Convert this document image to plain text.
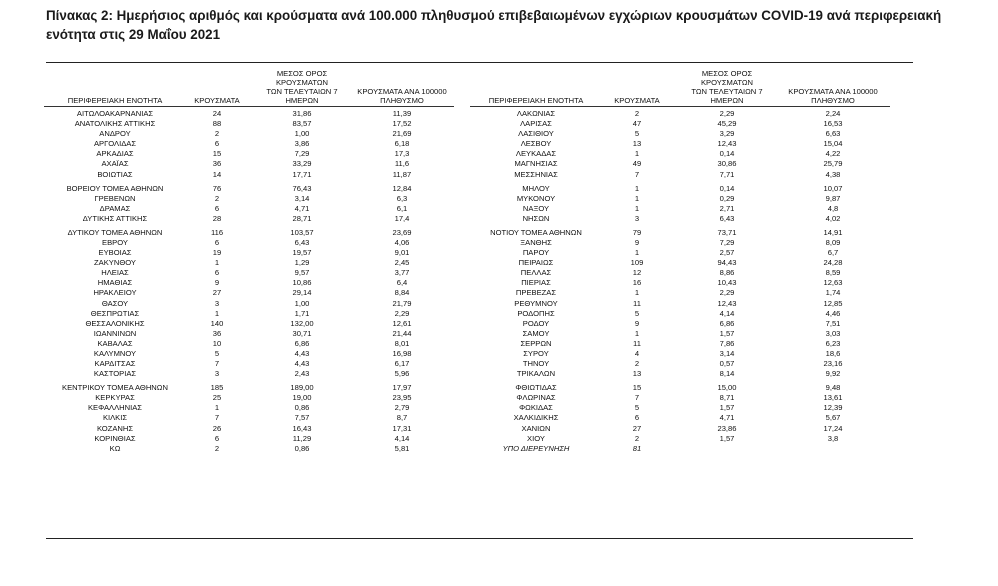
Πίνακας 2: Ημερήσιος αριθμός και κρούσματα ανά 100.000 πληθυσμού επιβεβαιωμένων εγχώριων κρουσμάτων COVID-19 ανά περιφερειακή ενότητα στις 29 Μαΐου 2021
ΠΕΡΙΦΕΡΕΙΑΚΗ ΕΝΟΤΗΤΑ	ΚΡΟΥΣΜΑΤΑ
ΜΕΣΟΣ ΟΡΟΣ ΚΡΟΥΣΜΑΤΩΝ
ΤΩΝ ΤΕΛΕΥΤΑΙΩΝ 7
ΗΜΕΡΩΝ
ΚΡΟΥΣΜΑΤΑ ΑΝΑ 100000
ΠΛΗΘΥΣΜΟ
ΑΙΤΩΛΟΑΚΑΡΝΑΝΙΑΣ	24	31,86	11,39
ΑΝΑΤΟΛΙΚΗΣ ΑΤΤΙΚΗΣ	88	83,57	17,52
ΑΝΔΡΟΥ	2	1,00	21,69
ΑΡΓΟΛΙΔΑΣ	6	3,86	6,18
ΑΡΚΑΔΙΑΣ	15	7,29	17,3
ΑΧΑΪΑΣ	36	33,29	11,6
ΒΟΙΩΤΙΑΣ	14	17,71	11,87
ΒΟΡΕΙΟΥ ΤΟΜΕΑ ΑΘΗΝΩΝ	76	76,43	12,84
ΓΡΕΒΕΝΩΝ	2	3,14	6,3
ΔΡΑΜΑΣ	6	4,71	6,1
ΔΥΤΙΚΗΣ ΑΤΤΙΚΗΣ	28	28,71	17,4
ΔΥΤΙΚΟΥ ΤΟΜΕΑ ΑΘΗΝΩΝ	116	103,57	23,69
ΕΒΡΟΥ	6	6,43	4,06
ΕΥΒΟΙΑΣ	19	19,57	9,01
ΖΑΚΥΝΘΟΥ	1	1,29	2,45
ΗΛΕΙΑΣ	6	9,57	3,77
ΗΜΑΘΙΑΣ	9	10,86	6,4
ΗΡΑΚΛΕΙΟΥ	27	29,14	8,84
ΘΑΣΟΥ	3	1,00	21,79
ΘΕΣΠΡΩΤΙΑΣ	1	1,71	2,29
ΘΕΣΣΑΛΟΝΙΚΗΣ	140	132,00	12,61
ΙΩΑΝΝΙΝΩΝ	36	30,71	21,44
ΚΑΒΑΛΑΣ	10	6,86	8,01
ΚΑΛΥΜΝΟΥ	5	4,43	16,98
ΚΑΡΔΙΤΣΑΣ	7	4,43	6,17
ΚΑΣΤΟΡΙΑΣ	3	2,43	5,96
ΚΕΝΤΡΙΚΟΥ ΤΟΜΕΑ ΑΘΗΝΩΝ	185	189,00	17,97
ΚΕΡΚΥΡΑΣ	25	19,00	23,95
ΚΕΦΑΛΛΗΝΙΑΣ	1	0,86	2,79
ΚΙΛΚΙΣ	7	7,57	8,7
ΚΟΖΑΝΗΣ	26	16,43	17,31
ΚΟΡΙΝΘΙΑΣ	6	11,29	4,14
ΚΩ	2	0,86	5,81
ΠΕΡΙΦΕΡΕΙΑΚΗ ΕΝΟΤΗΤΑ	ΚΡΟΥΣΜΑΤΑ
ΜΕΣΟΣ ΟΡΟΣ ΚΡΟΥΣΜΑΤΩΝ
ΤΩΝ ΤΕΛΕΥΤΑΙΩΝ 7
ΗΜΕΡΩΝ
ΚΡΟΥΣΜΑΤΑ ΑΝΑ 100000
ΠΛΗΘΥΣΜΟ
ΛΑΚΩΝΙΑΣ	2	2,29	2,24
ΛΑΡΙΣΑΣ	47	45,29	16,53
ΛΑΣΙΘΙΟΥ	5	3,29	6,63
ΛΕΣΒΟΥ	13	12,43	15,04
ΛΕΥΚΑΔΑΣ	1	0,14	4,22
ΜΑΓΝΗΣΙΑΣ	49	30,86	25,79
ΜΕΣΣΗΝΙΑΣ	7	7,71	4,38
ΜΗΛΟΥ	1	0,14	10,07
ΜΥΚΟΝΟΥ	1	0,29	9,87
ΝΑΞΟΥ	1	2,71	4,8
ΝΗΣΩΝ	3	6,43	4,02
ΝΟΤΙΟΥ ΤΟΜΕΑ ΑΘΗΝΩΝ	79	73,71	14,91
ΞΑΝΘΗΣ	9	7,29	8,09
ΠΑΡΟΥ	1	2,57	6,7
ΠΕΙΡΑΙΩΣ	109	94,43	24,28
ΠΕΛΛΑΣ	12	8,86	8,59
ΠΙΕΡΙΑΣ	16	10,43	12,63
ΠΡΕΒΕΖΑΣ	1	2,29	1,74
ΡΕΘΥΜΝΟΥ	11	12,43	12,85
ΡΟΔΟΠΗΣ	5	4,14	4,46
ΡΟΔΟΥ	9	6,86	7,51
ΣΑΜΟΥ	1	1,57	3,03
ΣΕΡΡΩΝ	11	7,86	6,23
ΣΥΡΟΥ	4	3,14	18,6
ΤΗΝΟΥ	2	0,57	23,16
ΤΡΙΚΑΛΩΝ	13	8,14	9,92
ΦΘΙΩΤΙΔΑΣ	15	15,00	9,48
ΦΛΩΡΙΝΑΣ	7	8,71	13,61
ΦΩΚΙΔΑΣ	5	1,57	12,39
ΧΑΛΚΙΔΙΚΗΣ	6	4,71	5,67
ΧΑΝΙΩΝ	27	23,86	17,24
ΧΙΟΥ	2	1,57	3,8
ΥΠΟ ΔΙΕΡΕΥΝΗΣΗ	81
